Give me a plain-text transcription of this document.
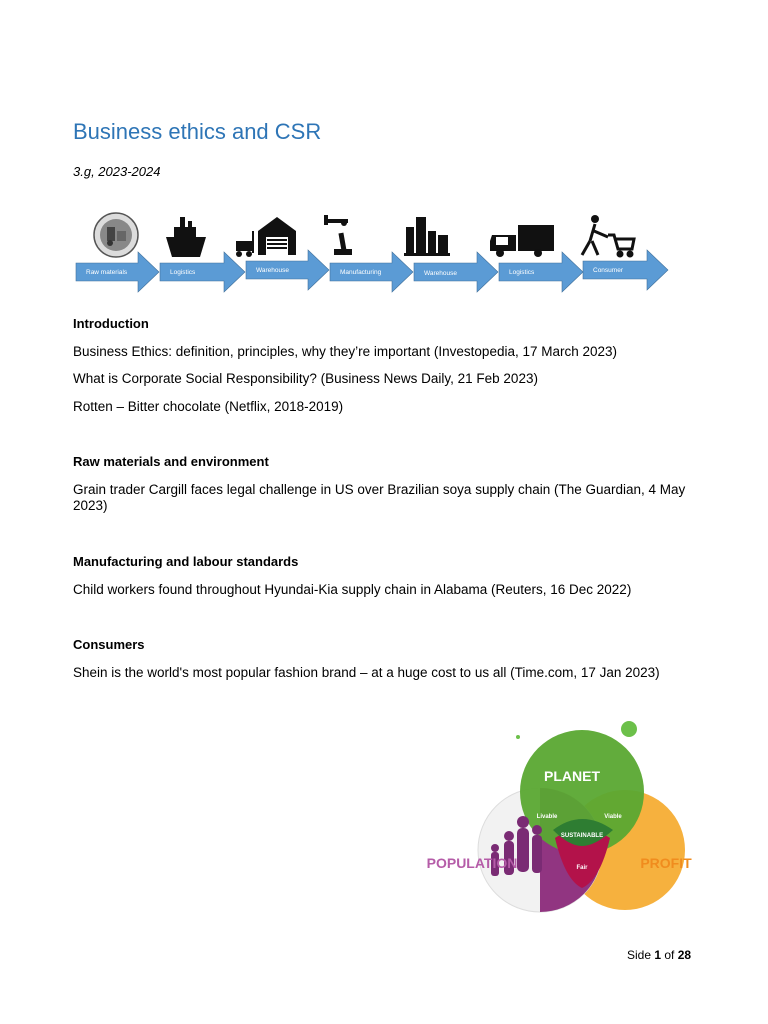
Business ethics and CSR
3.g, 2023-2024
Raw materials	Logistics	Warehouse	Manufacturing	Warehouse	Logistics	Consumer
Introduction
Business Ethics: definition, principles, why they’re important (Investopedia, 17 March 2023)
What is Corporate Social Responsibility? (Business News Daily, 21 Feb 2023)
Rotten – Bitter chocolate (Netflix, 2018-2019)
Raw materials and environment
Grain trader Cargill faces legal challenge in US over Brazilian soya supply chain (The Guardian, 4 May 2023)
Manufacturing and labour standards
Child workers found throughout Hyundai-Kia supply chain in Alabama (Reuters, 16 Dec 2022)
Consumers
Shein is the world's most popular fashion brand – at a huge cost to us all (Time.com, 17 Jan 2023)
PLANET
POPULATION	PROFIT
Livable	Viable
SUSTAINABLE
Fair
Side 1 of 28
